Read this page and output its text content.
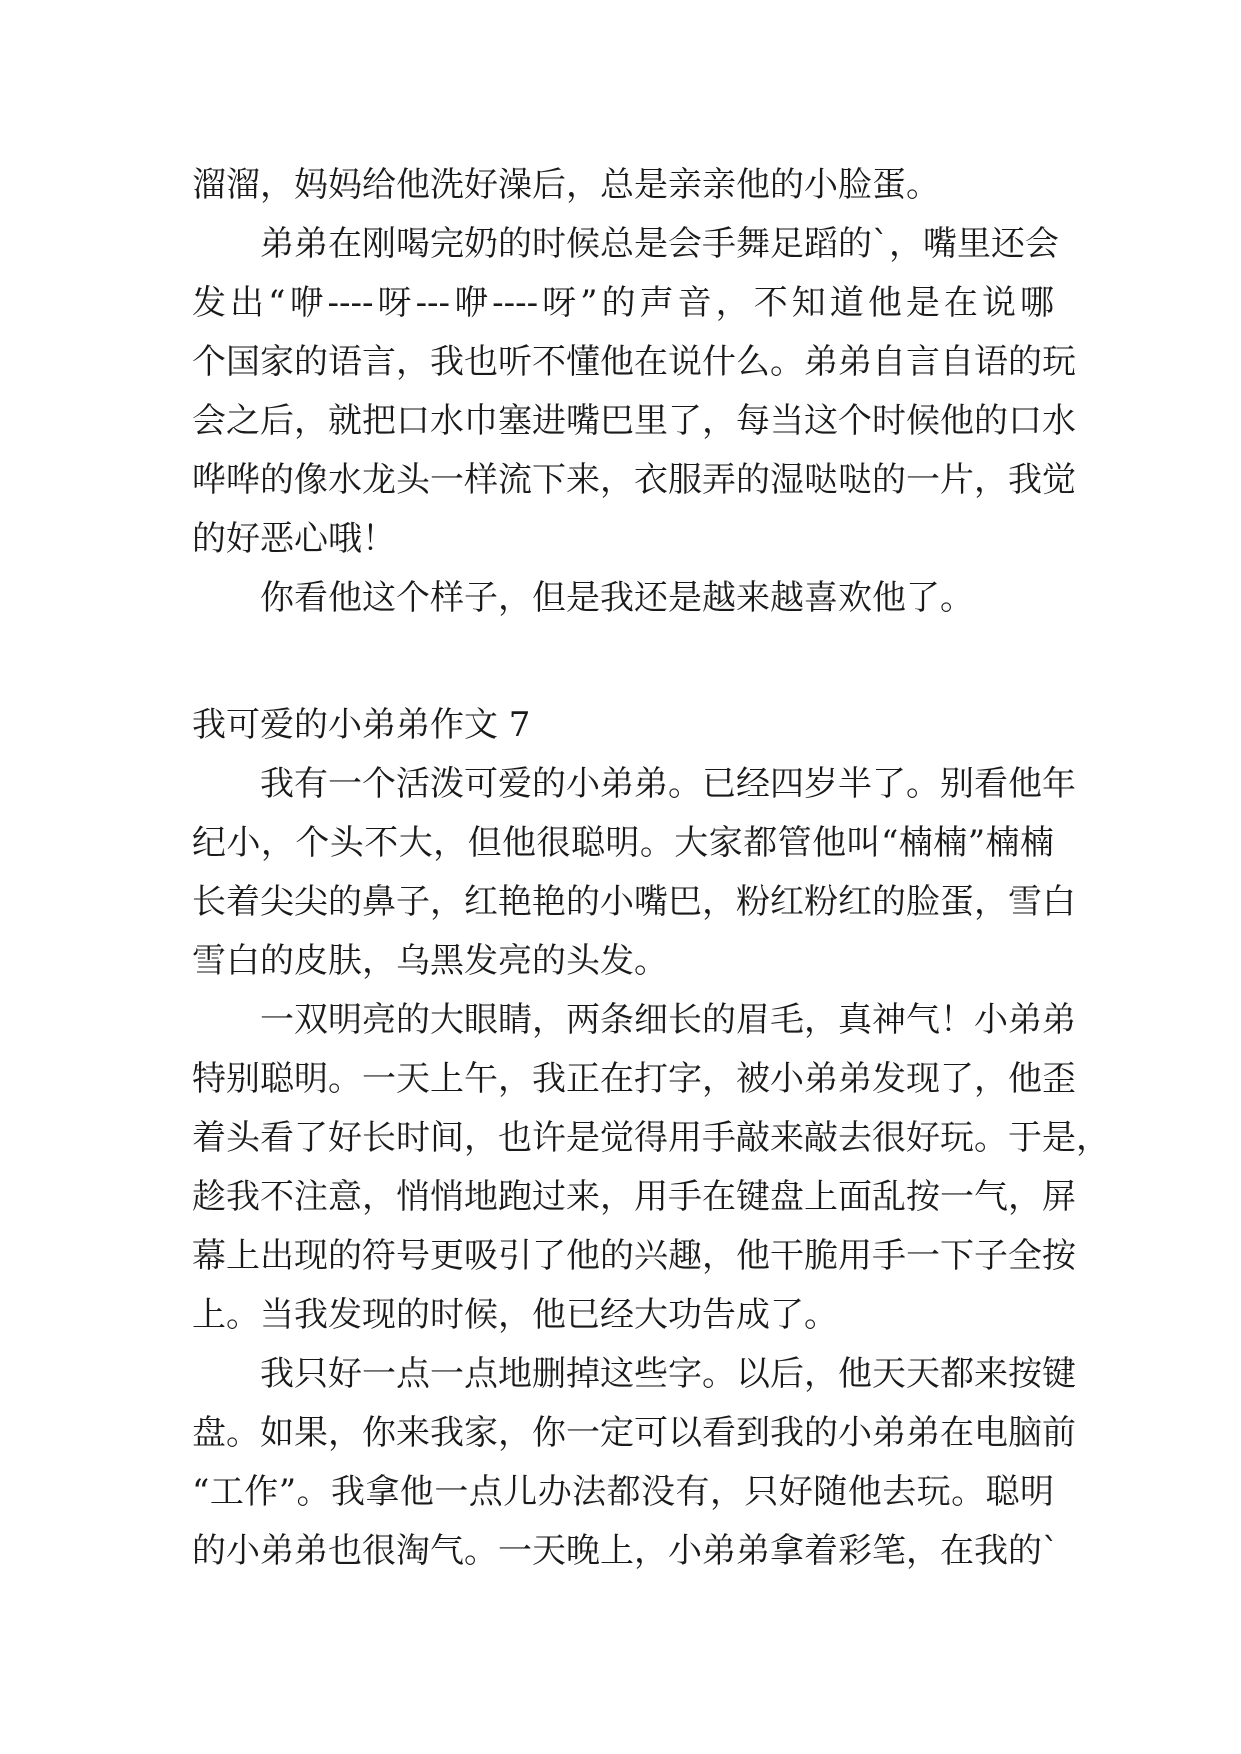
溜溜，妈妈给他洗好澡后，总是亲亲他的小脸蛋。
弟弟在刚喝完奶的时候总是会手舞足蹈的`，嘴里还会
发出“咿----呀---咿----呀”的声音，不知道他是在说哪
个国家的语言，我也听不懂他在说什么。弟弟自言自语的玩
会之后，就把口水巾塞进嘴巴里了，每当这个时候他的口水
哗哗的像水龙头一样流下来，衣服弄的湿哒哒的一片，我觉
的好恶心哦！
你看他这个样子，但是我还是越来越喜欢他了。
我可爱的小弟弟作文 7
我有一个活泼可爱的小弟弟。已经四岁半了。别看他年
纪小，个头不大，但他很聪明。大家都管他叫“楠楠”楠楠
长着尖尖的鼻子，红艳艳的小嘴巴，粉红粉红的脸蛋，雪白
雪白的皮肤，乌黑发亮的头发。
一双明亮的大眼睛，两条细长的眉毛，真神气！小弟弟
特别聪明。一天上午，我正在打字，被小弟弟发现了，他歪
着头看了好长时间，也许是觉得用手敲来敲去很好玩。于是，
趁我不注意，悄悄地跑过来，用手在键盘上面乱按一气，屏
幕上出现的符号更吸引了他的兴趣，他干脆用手一下子全按
上。当我发现的时候，他已经大功告成了。
我只好一点一点地删掉这些字。以后，他天天都来按键
盘。如果，你来我家，你一定可以看到我的小弟弟在电脑前
“工作”。我拿他一点儿办法都没有，只好随他去玩。聪明
的小弟弟也很淘气。一天晚上，小弟弟拿着彩笔，在我的`
